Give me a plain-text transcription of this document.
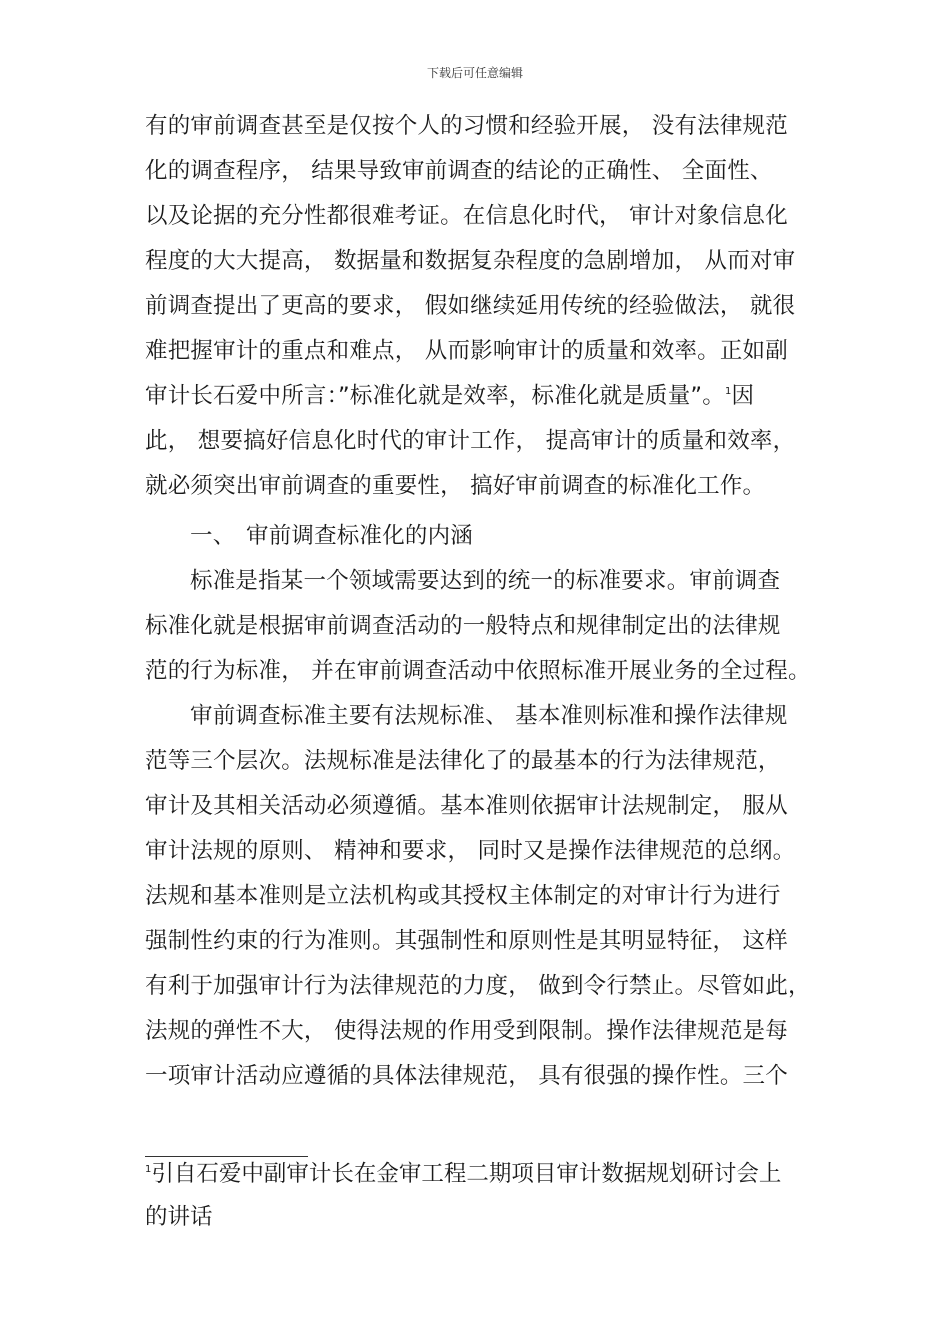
下载后可任意编辑
有的审前调查甚至是仅按个人的习惯和经验开展， 没有法律规范
化的调查程序， 结果导致审前调查的结论的正确性、 全面性、
以及论据的充分性都很难考证。在信息化时代， 审计对象信息化
程度的大大提高， 数据量和数据复杂程度的急剧增加， 从而对审
前调查提出了更高的要求， 假如继续延用传统的经验做法， 就很
难把握审计的重点和难点， 从而影响审计的质量和效率。正如副
审计长石爱中所言：”标准化就是效率，标准化就是质量”。$^1$因
此， 想要搞好信息化时代的审计工作， 提高审计的质量和效率，
就必须突出审前调查的重要性， 搞好审前调查的标准化工作。
一、 审前调查标准化的内涵
标准是指某一个领域需要达到的统一的标准要求。审前调查
标准化就是根据审前调查活动的一般特点和规律制定出的法律规
范的行为标准， 并在审前调查活动中依照标准开展业务的全过程。
审前调查标准主要有法规标准、 基本准则标准和操作法律规
范等三个层次。法规标准是法律化了的最基本的行为法律规范，
审计及其相关活动必须遵循。基本准则依据审计法规制定， 服从
审计法规的原则、 精神和要求， 同时又是操作法律规范的总纲。
法规和基本准则是立法机构或其授权主体制定的对审计行为进行
强制性约束的行为准则。其强制性和原则性是其明显特征， 这样
有利于加强审计行为法律规范的力度， 做到令行禁止。尽管如此，
法规的弹性不大， 使得法规的作用受到限制。操作法律规范是每
一项审计活动应遵循的具体法律规范， 具有很强的操作性。三个
$^1$引自石爱中副审计长在金审工程二期项目审计数据规划研讨会上
的讲话
